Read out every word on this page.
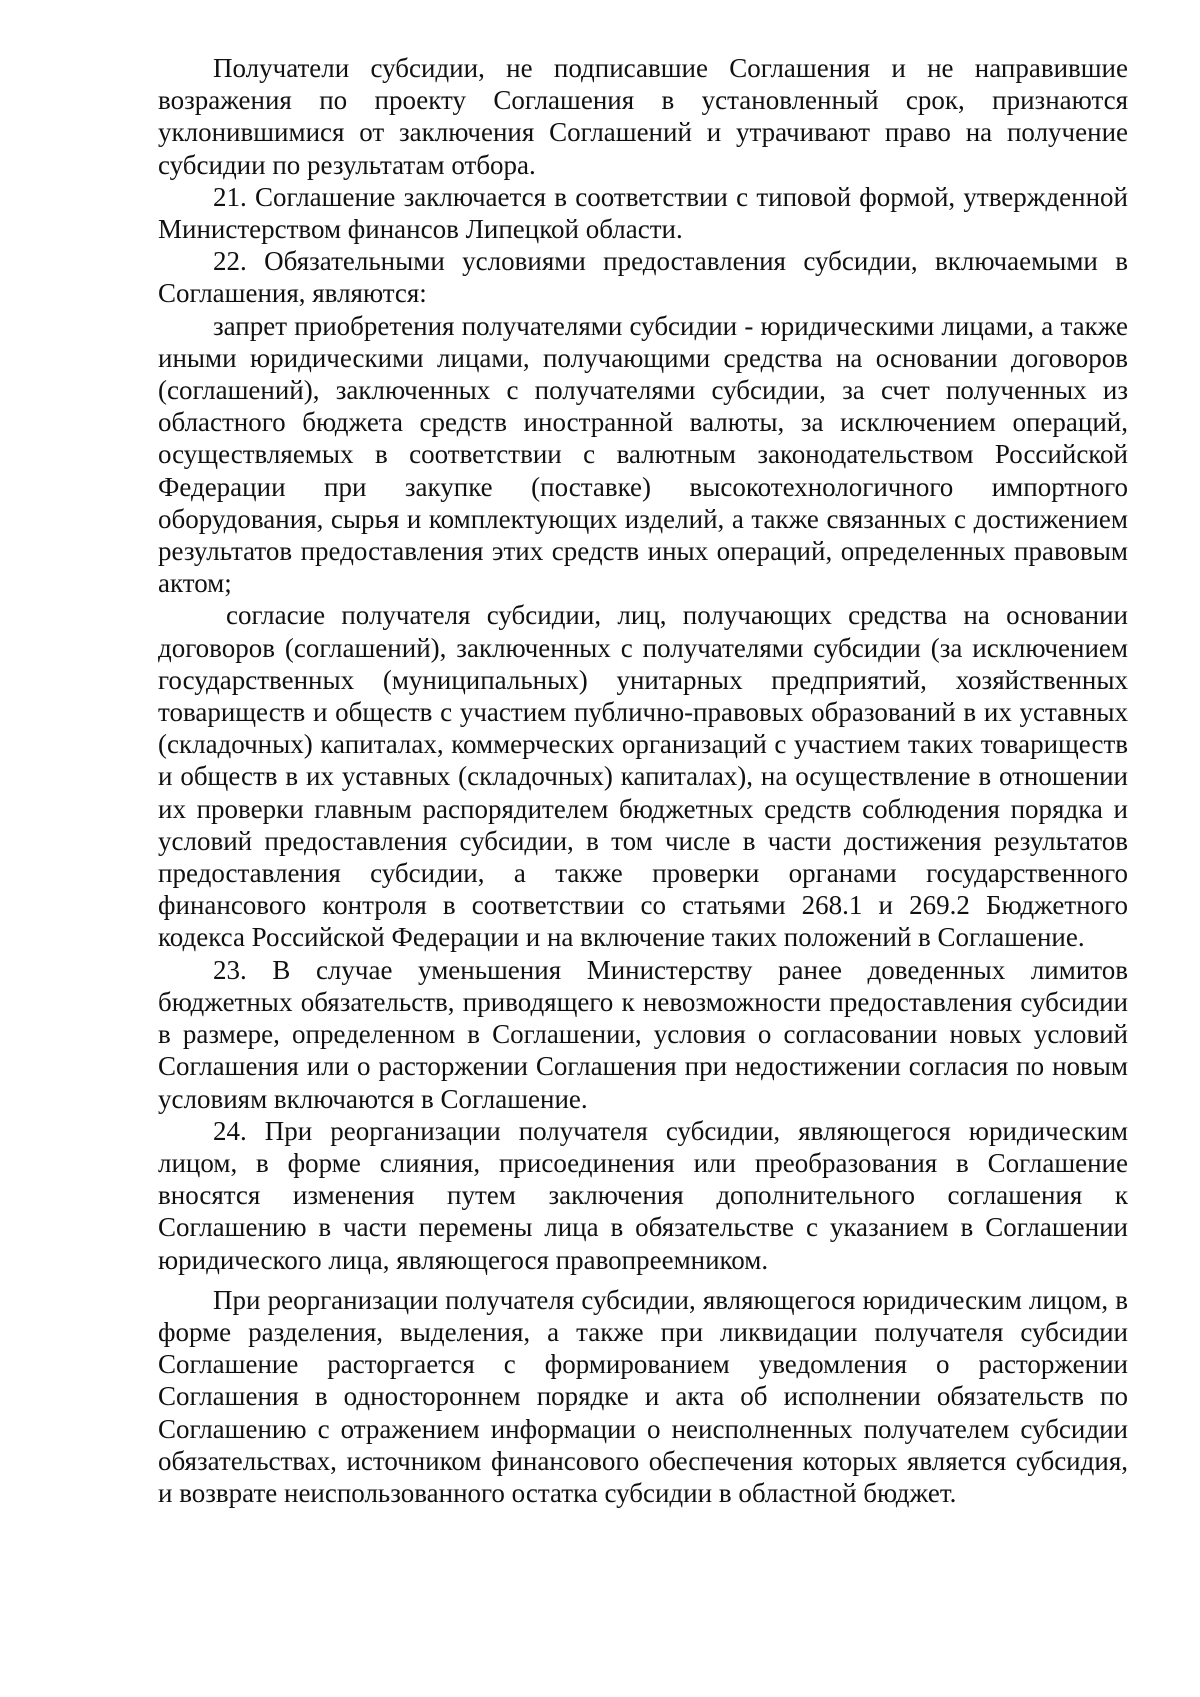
Получатели субсидии, не подписавшие Соглашения и не направившие возражения по проекту Соглашения в установленный срок, признаются уклонившимися от заключения Соглашений и утрачивают право на получение субсидии по результатам отбора.

21. Соглашение заключается в соответствии с типовой формой, утвержденной Министерством финансов Липецкой области.

22. Обязательными условиями предоставления субсидии, включаемыми в Соглашения, являются:

запрет приобретения получателями субсидии - юридическими лицами, а также иными юридическими лицами, получающими средства на основании договоров (соглашений), заключенных с получателями субсидии, за счет полученных из областного бюджета средств иностранной валюты, за исключением операций, осуществляемых в соответствии с валютным законодательством Российской Федерации при закупке (поставке) высокотехнологичного импортного оборудования, сырья и комплектующих изделий, а также связанных с достижением результатов предоставления этих средств иных операций, определенных правовым актом;

согласие получателя субсидии, лиц, получающих средства на основании договоров (соглашений), заключенных с получателями субсидии (за исключением государственных (муниципальных) унитарных предприятий, хозяйственных товариществ и обществ с участием публично-правовых образований в их уставных (складочных) капиталах, коммерческих организаций с участием таких товариществ и обществ в их уставных (складочных) капиталах), на осуществление в отношении их проверки главным распорядителем бюджетных средств соблюдения порядка и условий предоставления субсидии, в том числе в части достижения результатов предоставления субсидии, а также проверки органами государственного финансового контроля в соответствии со статьями 268.1 и 269.2 Бюджетного кодекса Российской Федерации и на включение таких положений в Соглашение.

23. В случае уменьшения Министерству ранее доведенных лимитов бюджетных обязательств, приводящего к невозможности предоставления субсидии в размере, определенном в Соглашении, условия о согласовании новых условий Соглашения или о расторжении Соглашения при недостижении согласия по новым условиям включаются в Соглашение.

24. При реорганизации получателя субсидии, являющегося юридическим лицом, в форме слияния, присоединения или преобразования в Соглашение вносятся изменения путем заключения дополнительного соглашения к Соглашению в части перемены лица в обязательстве с указанием в Соглашении юридического лица, являющегося правопреемником.

При реорганизации получателя субсидии, являющегося юридическим лицом, в форме разделения, выделения, а также при ликвидации получателя субсидии Соглашение расторгается с формированием уведомления о расторжении Соглашения в одностороннем порядке и акта об исполнении обязательств по Соглашению с отражением информации о неисполненных получателем субсидии обязательствах, источником финансового обеспечения которых является субсидия, и возврате неиспользованного остатка субсидии в областной бюджет.
